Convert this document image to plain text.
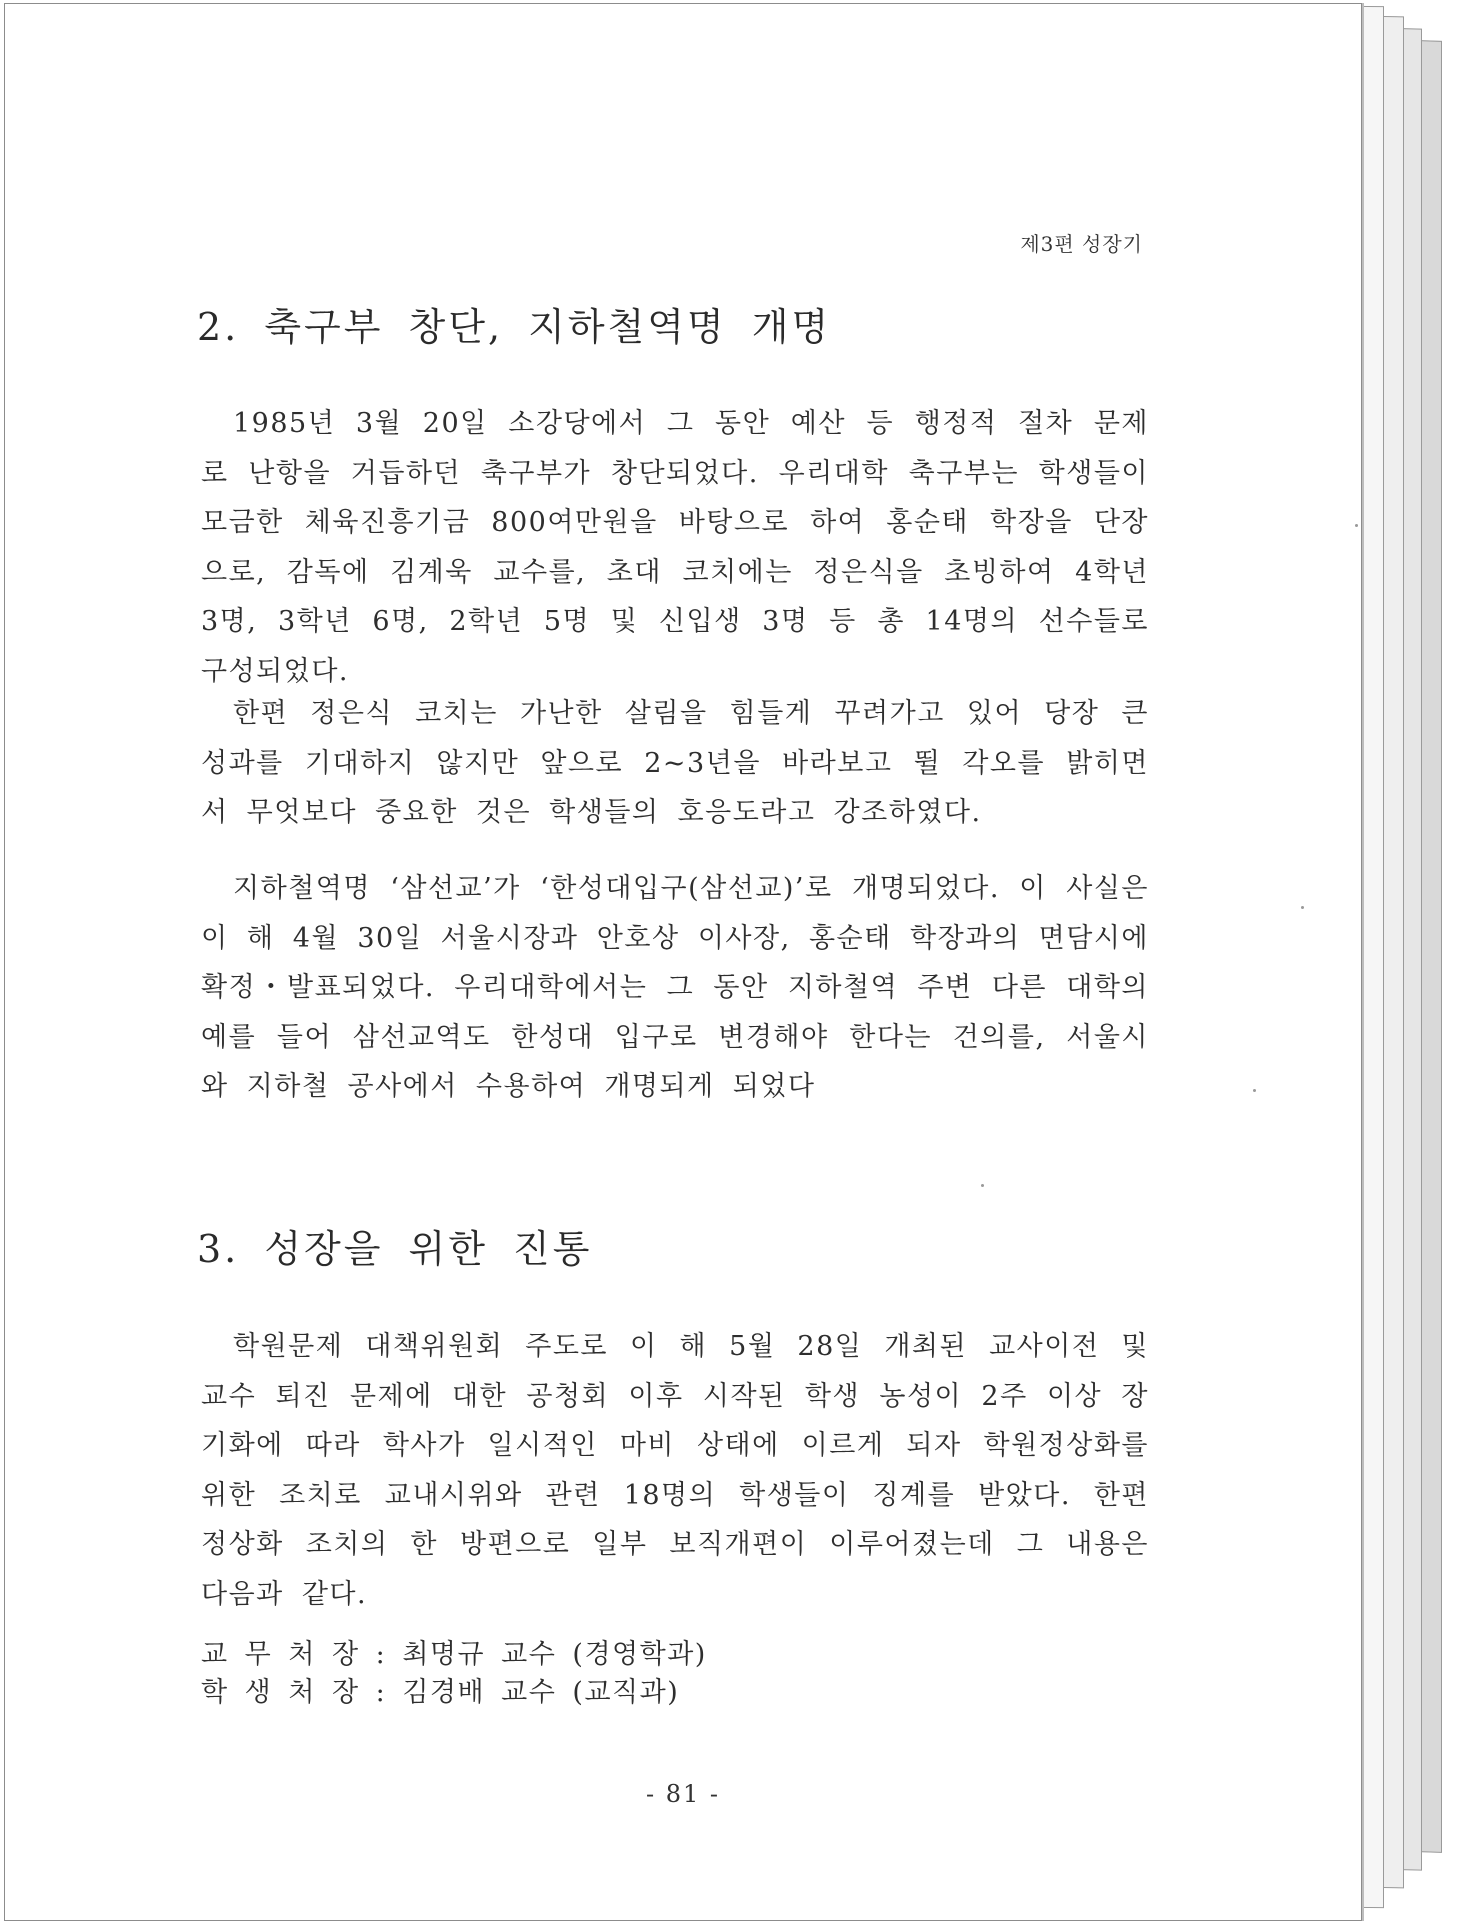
제3편 성장기
2. 축구부 창단, 지하철역명 개명

1985년 3월 20일 소강당에서 그 동안 예산 등 행정적 절차 문제로 난항을 거듭하던 축구부가 창단되었다. 우리대학 축구부는 학생들이 모금한 체육진흥기금 800여만원을 바탕으로 하여 홍순태 학장을 단장으로, 감독에 김계욱 교수를, 초대 코치에는 정은식을 초빙하여 4학년 3명, 3학년 6명, 2학년 5명 및 신입생 3명 등 총 14명의 선수들로 구성되었다.

한편 정은식 코치는 가난한 살림을 힘들게 꾸려가고 있어 당장 큰 성과를 기대하지 않지만 앞으로 2~3년을 바라보고 뛸 각오를 밝히면서 무엇보다 중요한 것은 학생들의 호응도라고 강조하였다.

지하철역명 ‘삼선교’가 ‘한성대입구(삼선교)’로 개명되었다. 이 사실은 이 해 4월 30일 서울시장과 안호상 이사장, 홍순태 학장과의 면담시에 확정・발표되었다. 우리대학에서는 그 동안 지하철역 주변 다른 대학의 예를 들어 삼선교역도 한성대 입구로 변경해야 한다는 건의를, 서울시와 지하철 공사에서 수용하여 개명되게 되었다

3. 성장을 위한 진통

학원문제 대책위원회 주도로 이 해 5월 28일 개최된 교사이전 및 교수 퇴진 문제에 대한 공청회 이후 시작된 학생 농성이 2주 이상 장기화에 따라 학사가 일시적인 마비 상태에 이르게 되자 학원정상화를 위한 조치로 교내시위와 관련 18명의 학생들이 징계를 받았다. 한편 정상화 조치의 한 방편으로 일부 보직개편이 이루어졌는데 그 내용은 다음과 같다.

교 무 처 장 : 최명규 교수 (경영학과)
학 생 처 장 : 김경배 교수 (교직과)
- 81 -
